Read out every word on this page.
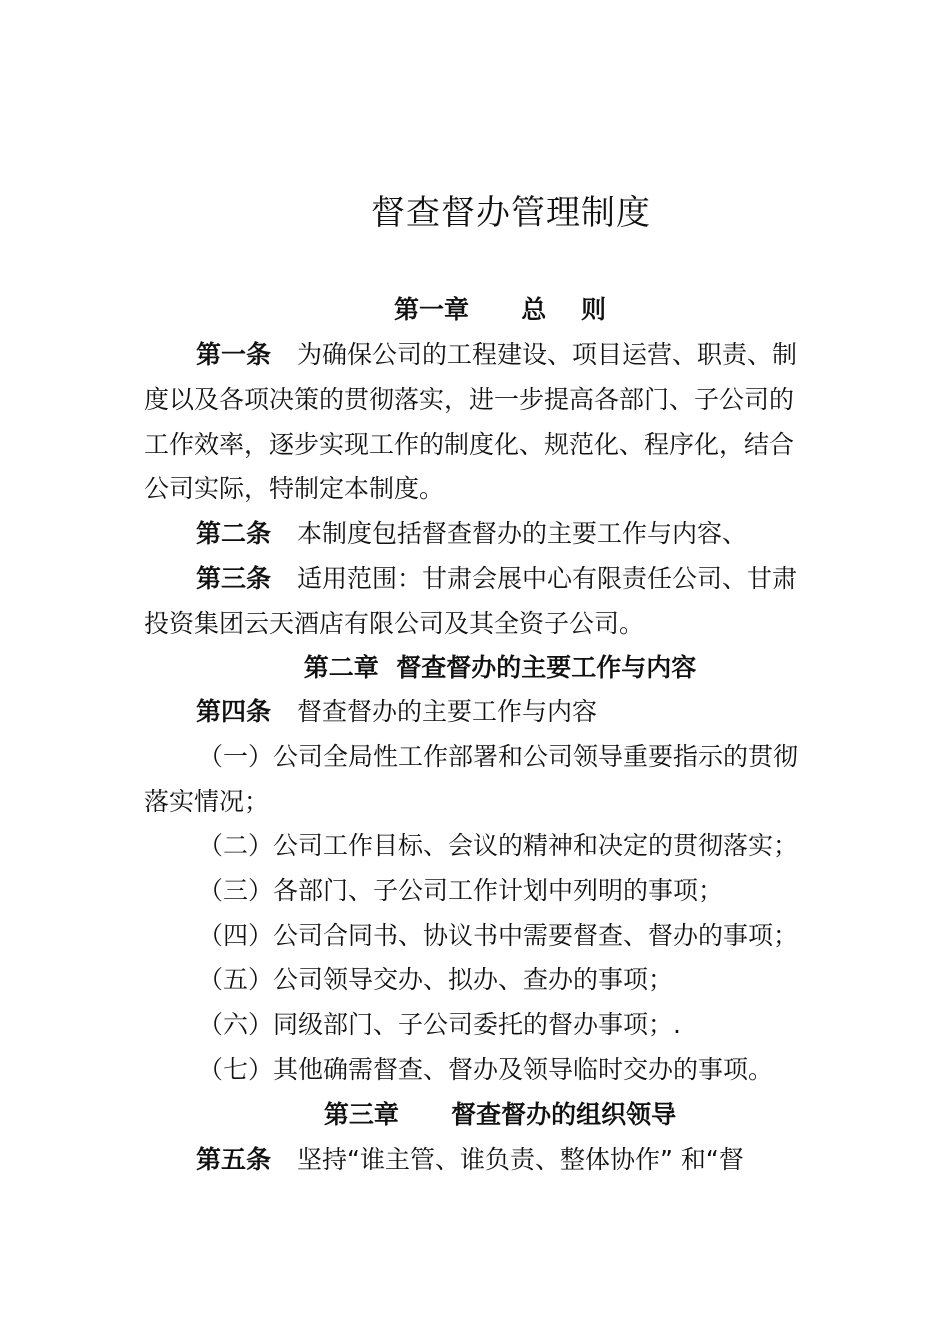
督查督办管理制度
第一章      总    则
第一条 为确保公司的工程建设、项目运营、职责、制
度以及各项决策的贯彻落实，进一步提高各部门、子公司的
工作效率，逐步实现工作的制度化、规范化、程序化，结合
公司实际，特制定本制度。
第二条 本制度包括督查督办的主要工作与内容、
第三条 适用范围：甘肃会展中心有限责任公司、甘肃
投资集团云天酒店有限公司及其全资子公司。
第二章  督查督办的主要工作与内容
第四条 督查督办的主要工作与内容
（一）公司全局性工作部署和公司领导重要指示的贯彻
落实情况；
（二）公司工作目标、会议的精神和决定的贯彻落实；
（三）各部门、子公司工作计划中列明的事项；
（四）公司合同书、协议书中需要督查、督办的事项；
（五）公司领导交办、拟办、查办的事项；
（六）同级部门、子公司委托的督办事项；.
（七）其他确需督查、督办及领导临时交办的事项。
第三章      督查督办的组织领导
第五条 坚持“谁主管、谁负责、整体协作” 和“督
